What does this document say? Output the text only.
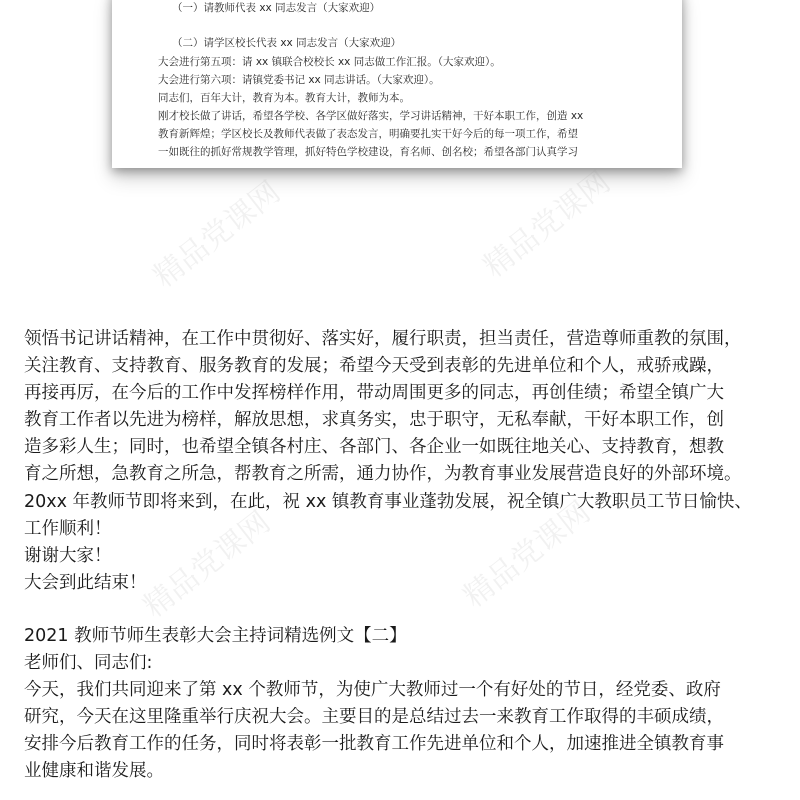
（一）请教师代表 xx 同志发言（大家欢迎）
（二）请学区校长代表 xx 同志发言（大家欢迎）
大会进行第五项：请 xx 镇联合校校长 xx 同志做工作汇报。（大家欢迎）。
大会进行第六项：请镇党委书记 xx 同志讲话。（大家欢迎）。
同志们，百年大计，教育为本。教育大计，教师为本。
刚才校长做了讲话，希望各学校、各学区做好落实，学习讲话精神，干好本职工作，创造 xx
教育新辉煌；学区校长及教师代表做了表态发言，明确要扎实干好今后的每一项工作，希望
一如既往的抓好常规教学管理，抓好特色学校建设，育名师、创名校；希望各部门认真学习
精品党课网	精品党课网
精品党课网	精品党课网

领悟书记讲话精神，在工作中贯彻好、落实好，履行职责，担当责任，营造尊师重教的氛围，

关注教育、支持教育、服务教育的发展；希望今天受到表彰的先进单位和个人，戒骄戒躁，

再接再厉，在今后的工作中发挥榜样作用，带动周围更多的同志，再创佳绩；希望全镇广大

教育工作者以先进为榜样，解放思想，求真务实，忠于职守，无私奉献，干好本职工作，创

造多彩人生；同时，也希望全镇各村庄、各部门、各企业一如既往地关心、支持教育，想教

育之所想，急教育之所急，帮教育之所需，通力协作，为教育事业发展营造良好的外部环境。

20xx 年教师节即将来到，在此，祝 xx 镇教育事业蓬勃发展，祝全镇广大教职员工节日愉快、

工作顺利！

谢谢大家！

大会到此结束！

2021 教师节师生表彰大会主持词精选例文【二】

老师们、同志们:

今天，我们共同迎来了第 xx 个教师节，为使广大教师过一个有好处的节日，经党委、政府

研究，今天在这里隆重举行庆祝大会。主要目的是总结过去一来教育工作取得的丰硕成绩，

安排今后教育工作的任务，同时将表彰一批教育工作先进单位和个人，加速推进全镇教育事

业健康和谐发展。
